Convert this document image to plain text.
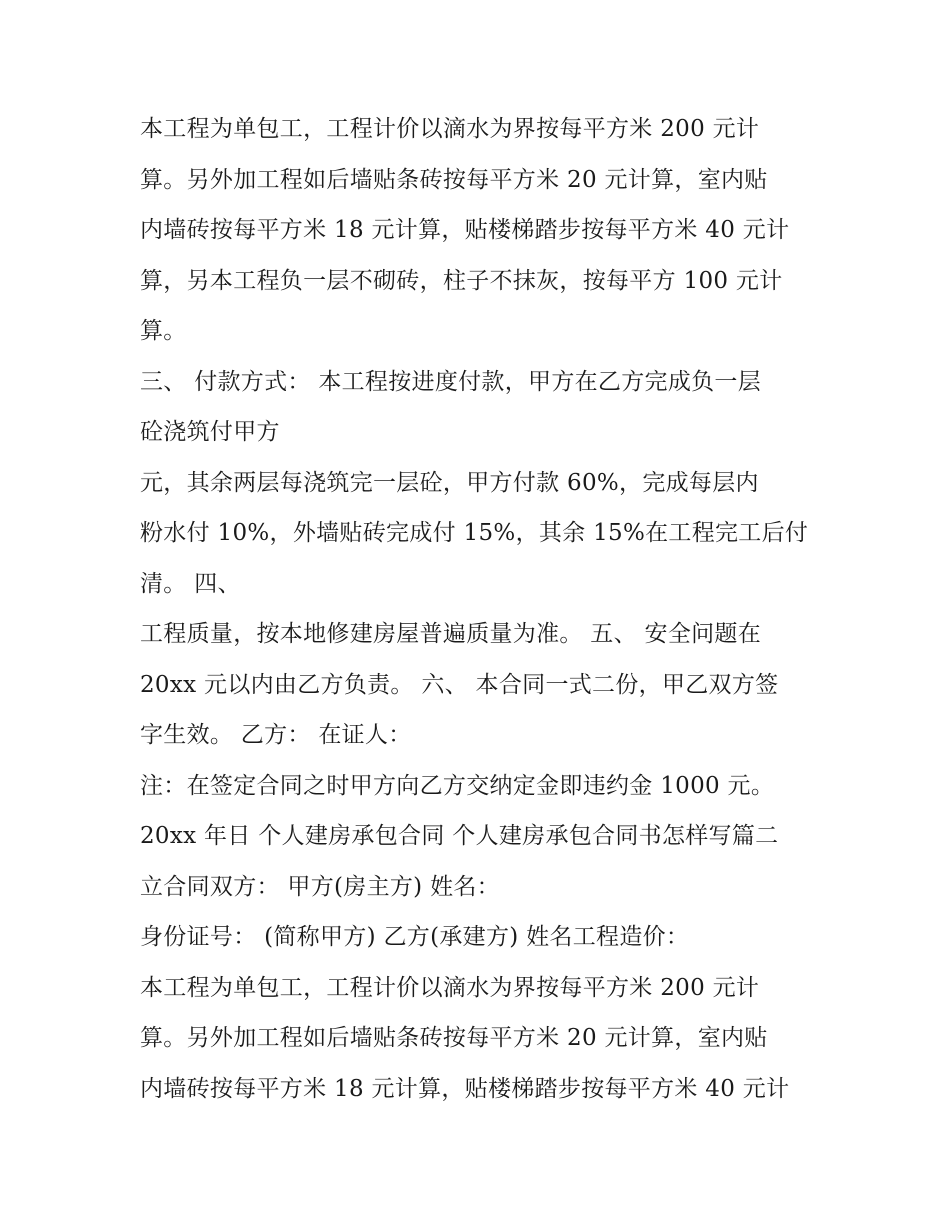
本工程为单包工，工程计价以滴水为界按每平方米 200 元计
算。另外加工程如后墙贴条砖按每平方米 20 元计算，室内贴
内墙砖按每平方米 18 元计算，贴楼梯踏步按每平方米 40 元计
算，另本工程负一层不砌砖，柱子不抹灰，按每平方 100 元计
算。
三、 付款方式： 本工程按进度付款，甲方在乙方完成负一层
砼浇筑付甲方
元，其余两层每浇筑完一层砼，甲方付款 60%，完成每层内
粉水付 10%，外墙贴砖完成付 15%，其余 15%在工程完工后付
清。 四、
工程质量，按本地修建房屋普遍质量为准。 五、 安全问题在
20xx 元以内由乙方负责。 六、 本合同一式二份，甲乙双方签
字生效。 乙方： 在证人：
注：在签定合同之时甲方向乙方交纳定金即违约金 1000 元。
20xx 年日 个人建房承包合同 个人建房承包合同书怎样写篇二
立合同双方： 甲方(房主方) 姓名：
身份证号： (简称甲方) 乙方(承建方) 姓名工程造价：
本工程为单包工，工程计价以滴水为界按每平方米 200 元计
算。另外加工程如后墙贴条砖按每平方米 20 元计算，室内贴
内墙砖按每平方米 18 元计算，贴楼梯踏步按每平方米 40 元计
